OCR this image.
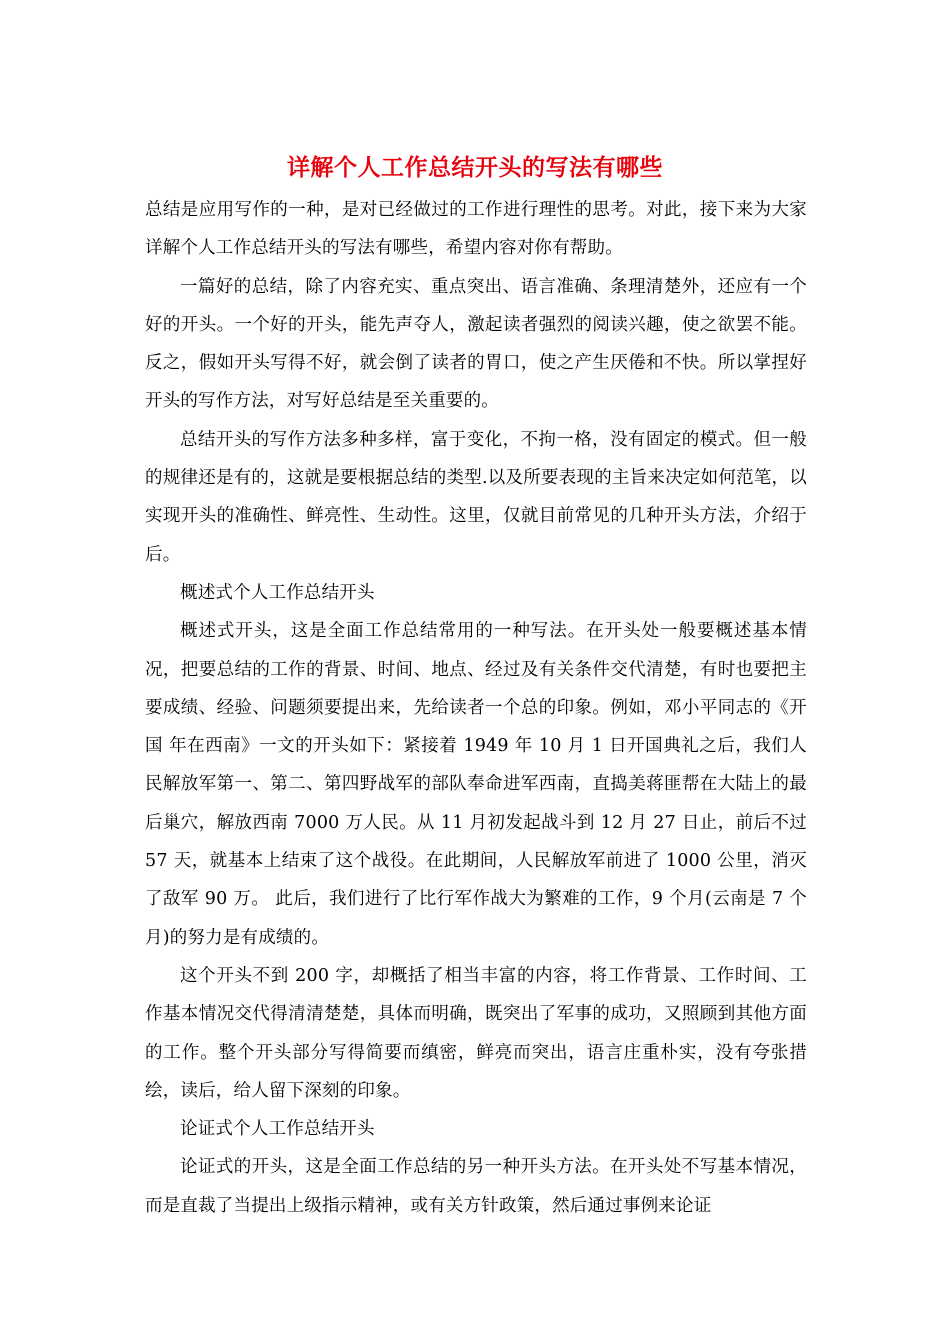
详解个人工作总结开头的写法有哪些

总结是应用写作的一种，是对已经做过的工作进行理性的思考。对此，接下来为大家详解个人工作总结开头的写法有哪些，希望内容对你有帮助。

一篇好的总结，除了内容充实、重点突出、语言准确、条理清楚外，还应有一个好的开头。一个好的开头，能先声夺人，激起读者强烈的阅读兴趣，使之欲罢不能。反之，假如开头写得不好，就会倒了读者的胃口，使之产生厌倦和不快。所以掌捏好开头的写作方法，对写好总结是至关重要的。

总结开头的写作方法多种多样，富于变化，不拘一格，没有固定的模式。但一般的规律还是有的，这就是要根据总结的类型.以及所要表现的主旨来决定如何范笔，以实现开头的准确性、鲜亮性、生动性。这里，仅就目前常见的几种开头方法，介绍于后。

概述式个人工作总结开头

概述式开头，这是全面工作总结常用的一种写法。在开头处一般要概述基本情况，把要总结的工作的背景、时间、地点、经过及有关条件交代清楚，有时也要把主要成绩、经验、问题须要提出来，先给读者一个总的印象。例如，邓小平同志的《开国 年在西南》一文的开头如下：紧接着 1949 年 10 月 1 日开国典礼之后，我们人民解放军第一、第二、第四野战军的部队奉命进军西南，直捣美蒋匪帮在大陆上的最后巢穴，解放西南 7000 万人民。从 11 月初发起战斗到 12 月 27 日止，前后不过 57 天，就基本上结束了这个战役。在此期间，人民解放军前进了 1000 公里，消灭了敌军 90 万。 此后，我们进行了比行军作战大为繁难的工作，9 个月(云南是 7 个月)的努力是有成绩的。

这个开头不到 200 字，却概括了相当丰富的内容，将工作背景、工作时间、工作基本情况交代得清清楚楚，具体而明确，既突出了军事的成功，又照顾到其他方面的工作。整个开头部分写得简要而缜密，鲜亮而突出，语言庄重朴实，没有夸张措绘，读后，给人留下深刻的印象。

论证式个人工作总结开头

论证式的开头，这是全面工作总结的另一种开头方法。在开头处不写基本情况，而是直裁了当提出上级指示精神，或有关方针政策，然后通过事例来论证
